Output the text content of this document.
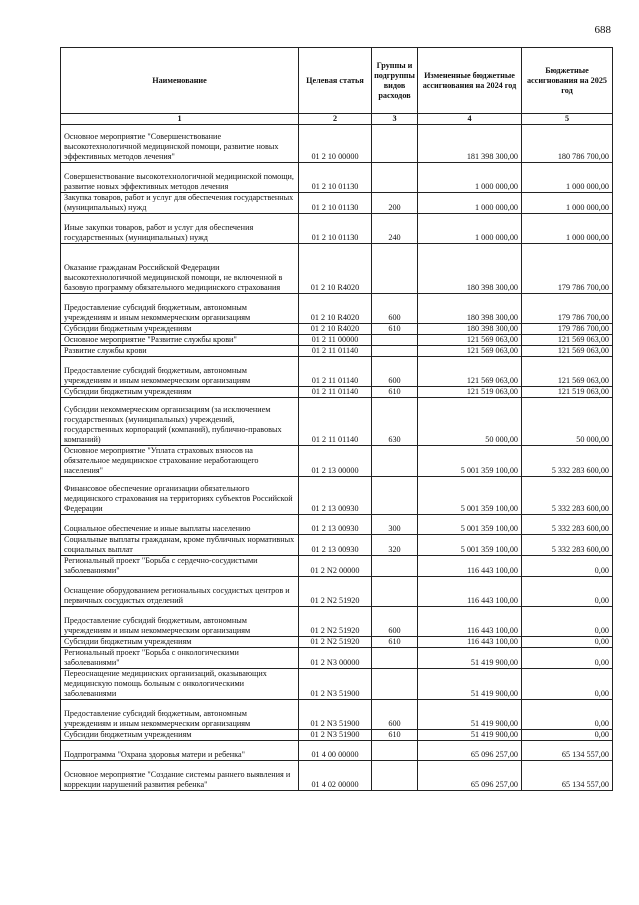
688
Наименование	Целевая статья	Группы и подгруппы видов расходов	Измененные бюджетные ассигнования на 2024 год	Бюджетные ассигнования на 2025 год
1	2	3	4	5
Основное мероприятие "Совершенствование высокотехнологичной медицинской помощи, развитие новых эффективных методов лечения"	01 2 10 00000		181 398 300,00	180 786 700,00
Совершенствование высокотехнологичной медицинской помощи, развитие новых эффективных методов лечения	01 2 10 01130		1 000 000,00	1 000 000,00
Закупка товаров, работ и услуг для обеспечения государственных (муниципальных) нужд	01 2 10 01130	200	1 000 000,00	1 000 000,00
Иные закупки товаров, работ и услуг для обеспечения государственных (муниципальных) нужд	01 2 10 01130	240	1 000 000,00	1 000 000,00
Оказание гражданам Российской Федерации высокотехнологичной медицинской помощи, не включенной в базовую программу обязательного медицинского страхования	01 2 10 R4020		180 398 300,00	179 786 700,00
Предоставление субсидий бюджетным, автономным учреждениям и иным некоммерческим организациям	01 2 10 R4020	600	180 398 300,00	179 786 700,00
Субсидии бюджетным учреждениям	01 2 10 R4020	610	180 398 300,00	179 786 700,00
Основное мероприятие "Развитие службы крови"	01 2 11 00000		121 569 063,00	121 569 063,00
Развитие службы крови	01 2 11 01140		121 569 063,00	121 569 063,00
Предоставление субсидий бюджетным, автономным учреждениям и иным некоммерческим организациям	01 2 11 01140	600	121 569 063,00	121 569 063,00
Субсидии бюджетным учреждениям	01 2 11 01140	610	121 519 063,00	121 519 063,00
Субсидии некоммерческим организациям (за исключением государственных (муниципальных) учреждений, государственных корпораций (компаний), публично-правовых компаний)	01 2 11 01140	630	50 000,00	50 000,00
Основное мероприятие "Уплата страховых взносов на обязательное медицинское страхование неработающего населения"	01 2 13 00000		5 001 359 100,00	5 332 283 600,00
Финансовое обеспечение организации обязательного медицинского страхования на территориях субъектов Российской Федерации	01 2 13 00930		5 001 359 100,00	5 332 283 600,00
Социальное обеспечение и иные выплаты населению	01 2 13 00930	300	5 001 359 100,00	5 332 283 600,00
Социальные выплаты гражданам, кроме публичных нормативных социальных выплат	01 2 13 00930	320	5 001 359 100,00	5 332 283 600,00
Региональный проект "Борьба с сердечно-сосудистыми заболеваниями"	01 2 N2 00000		116 443 100,00	0,00
Оснащение оборудованием региональных сосудистых центров и первичных сосудистых отделений	01 2 N2 51920		116 443 100,00	0,00
Предоставление субсидий бюджетным, автономным учреждениям и иным некоммерческим организациям	01 2 N2 51920	600	116 443 100,00	0,00
Субсидии бюджетным учреждениям	01 2 N2 51920	610	116 443 100,00	0,00
Региональный проект "Борьба с онкологическими заболеваниями"	01 2 N3 00000		51 419 900,00	0,00
Переоснащение медицинских организаций, оказывающих медицинскую помощь больным с онкологическими заболеваниями	01 2 N3 51900		51 419 900,00	0,00
Предоставление субсидий бюджетным, автономным учреждениям и иным некоммерческим организациям	01 2 N3 51900	600	51 419 900,00	0,00
Субсидии бюджетным учреждениям	01 2 N3 51900	610	51 419 900,00	0,00
Подпрограмма "Охрана здоровья матери и ребенка"	01 4 00 00000		65 096 257,00	65 134 557,00
Основное мероприятие "Создание системы раннего выявления и коррекции нарушений развития ребенка"	01 4 02 00000		65 096 257,00	65 134 557,00
